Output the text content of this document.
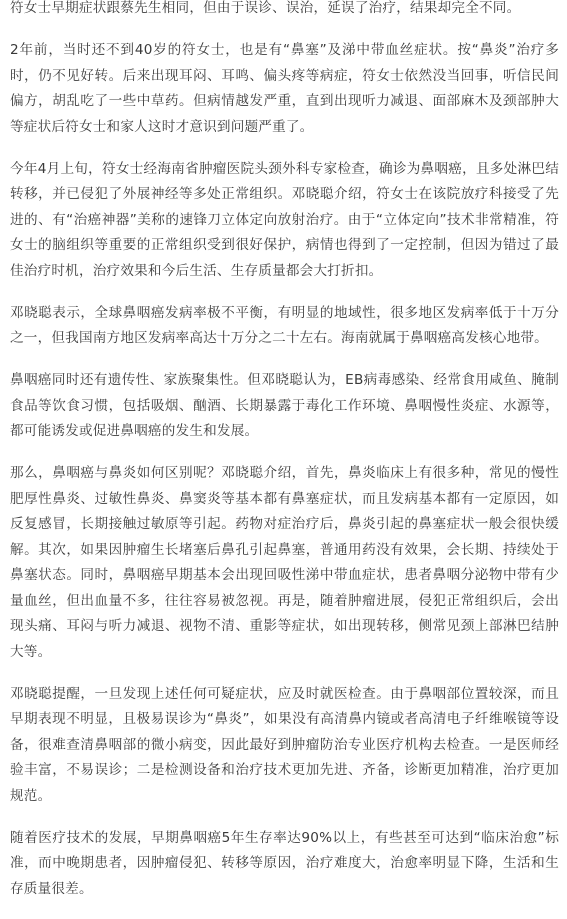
符女士早期症状跟蔡先生相同，但由于误诊、误治，延误了治疗，结果却完全不同。

2年前，当时还不到40岁的符女士，也是有“鼻塞”及涕中带血丝症状。按“鼻炎”治疗多时，仍不见好转。后来出现耳闷、耳鸣、偏头疼等病症，符女士依然没当回事，听信民间偏方，胡乱吃了一些中草药。但病情越发严重，直到出现听力减退、面部麻木及颈部肿大等症状后符女士和家人这时才意识到问题严重了。

今年4月上旬，符女士经海南省肿瘤医院头颈外科专家检查，确诊为鼻咽癌，且多处淋巴结转移，并已侵犯了外展神经等多处正常组织。邓晓聪介绍，符女士在该院放疗科接受了先进的、有“治癌神器”美称的速锋刀立体定向放射治疗。由于“立体定向”技术非常精准，符女士的脑组织等重要的正常组织受到很好保护，病情也得到了一定控制，但因为错过了最佳治疗时机，治疗效果和今后生活、生存质量都会大打折扣。

邓晓聪表示，全球鼻咽癌发病率极不平衡，有明显的地域性，很多地区发病率低于十万分之一，但我国南方地区发病率高达十万分之二十左右。海南就属于鼻咽癌高发核心地带。

鼻咽癌同时还有遗传性、家族聚集性。但邓晓聪认为，EB病毒感染、经常食用咸鱼、腌制食品等饮食习惯，包括吸烟、酗酒、长期暴露于毒化工作环境、鼻咽慢性炎症、水源等，都可能诱发或促进鼻咽癌的发生和发展。

那么，鼻咽癌与鼻炎如何区别呢？邓晓聪介绍，首先，鼻炎临床上有很多种，常见的慢性肥厚性鼻炎、过敏性鼻炎、鼻窦炎等基本都有鼻塞症状，而且发病基本都有一定原因，如反复感冒，长期接触过敏原等引起。药物对症治疗后，鼻炎引起的鼻塞症状一般会很快缓解。其次，如果因肿瘤生长堵塞后鼻孔引起鼻塞，普通用药没有效果，会长期、持续处于鼻塞状态。同时，鼻咽癌早期基本会出现回吸性涕中带血症状，患者鼻咽分泌物中带有少量血丝，但出血量不多，往往容易被忽视。再是，随着肿瘤进展，侵犯正常组织后，会出现头痛、耳闷与听力减退、视物不清、重影等症状，如出现转移，侧常见颈上部淋巴结肿大等。

邓晓聪提醒，一旦发现上述任何可疑症状，应及时就医检查。由于鼻咽部位置较深，而且早期表现不明显，且极易误诊为“鼻炎”，如果没有高清鼻内镜或者高清电子纤维喉镜等设备，很难查清鼻咽部的微小病变，因此最好到肿瘤防治专业医疗机构去检查。一是医师经验丰富，不易误诊；二是检测设备和治疗技术更加先进、齐备，诊断更加精准，治疗更加规范。

随着医疗技术的发展，早期鼻咽癌5年生存率达90%以上，有些甚至可达到“临床治愈”标准，而中晚期患者，因肿瘤侵犯、转移等原因，治疗难度大，治愈率明显下降，生活和生存质量很差。
